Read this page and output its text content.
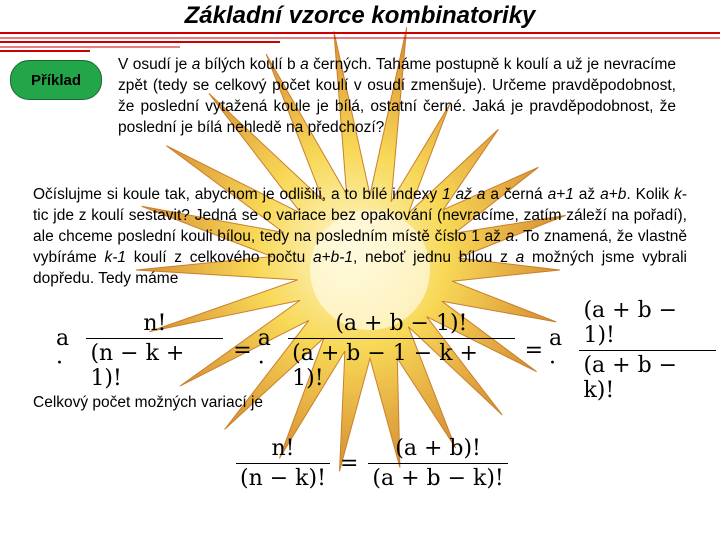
Základní vzorce kombinatoriky
Příklad
V osudí je a bílých koulí b a černých. Taháme postupně k koulí a už je nevracíme zpět (tedy se celkový počet koulí v osudí zmenšuje). Určeme pravděpodobnost, že poslední vytažená koule je bílá, ostatní černé. Jaká je pravděpodobnost, že poslední je bílá nehledě na předchozí?
Očíslujme si koule tak, abychom je odlišili, a to bílé indexy 1 až a a černá a+1 až a+b. Kolik k-tic jde z koulí sestavit? Jedná se o variace bez opakování (nevracíme, zatím záleží na pořadí), ale chceme poslední kouli bílou, tedy na posledním místě číslo 1 až a. To znamená, že vlastně vybíráme k-1 koulí z celkového počtu a+b-1, neboť jednu bílou z a možných jsme vybrali dopředu. Tedy máme
a ·	$\frac{n!}{(n - k + 1)!} = a$ ·	$\frac{(a + b - 1)!}{(a + b - 1 - k + 1)!} = a$ ·	$\frac{(a + b - 1)!}{(a + b - k)!}$
Celkový počet možných variací je
$\frac{n!}{(n - k)!} = \frac{(a + b)!}{(a + b - k)!}$
